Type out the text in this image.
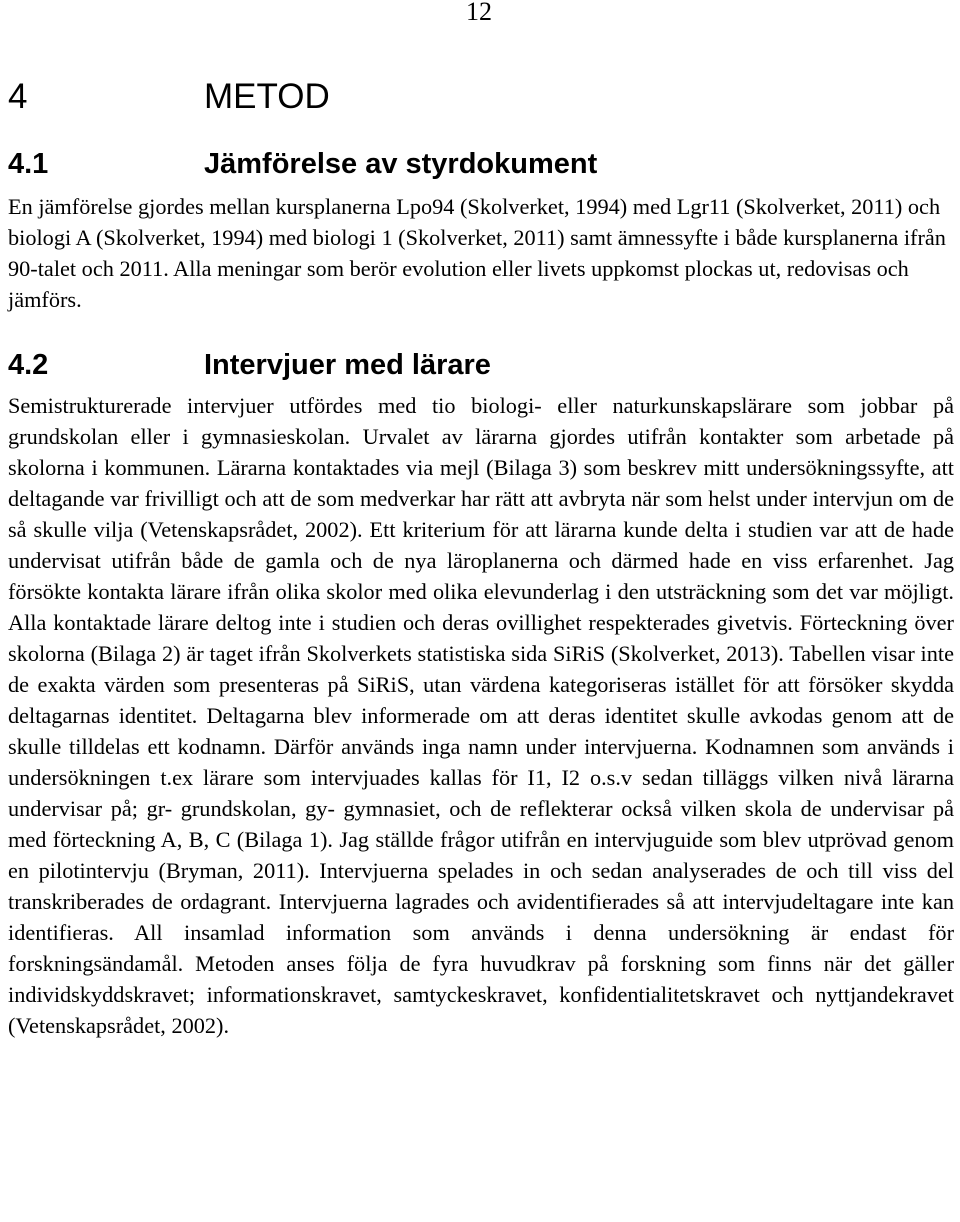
12
4	METOD
4.1	Jämförelse av styrdokument

En jämförelse gjordes mellan kursplanerna Lpo94 (Skolverket, 1994) med Lgr11 (Skolverket, 2011) och biologi A (Skolverket, 1994) med biologi 1 (Skolverket, 2011) samt ämnessyfte i både kursplanerna ifrån 90-talet och 2011. Alla meningar som berör evolution eller livets uppkomst plockas ut, redovisas och jämförs.

4.2	Intervjuer med lärare

Semistrukturerade intervjuer utfördes med tio biologi- eller naturkunskapslärare som jobbar på grundskolan eller i gymnasieskolan. Urvalet av lärarna gjordes utifrån kontakter som arbetade på skolorna i kommunen. Lärarna kontaktades via mejl (Bilaga 3) som beskrev mitt undersökningssyfte, att deltagande var frivilligt och att de som medverkar har rätt att avbryta när som helst under intervjun om de så skulle vilja (Vetenskapsrådet, 2002). Ett kriterium för att lärarna kunde delta i studien var att de hade undervisat utifrån både de gamla och de nya läroplanerna och därmed hade en viss erfarenhet. Jag försökte kontakta lärare ifrån olika skolor med olika elevunderlag i den utsträckning som det var möjligt. Alla kontaktade lärare deltog inte i studien och deras ovillighet respekterades givetvis. Förteckning över skolorna (Bilaga 2) är taget ifrån Skolverkets statistiska sida SiRiS (Skolverket, 2013). Tabellen visar inte de exakta värden som presenteras på SiRiS, utan värdena kategoriseras istället för att försöker skydda deltagarnas identitet. Deltagarna blev informerade om att deras identitet skulle avkodas genom att de skulle tilldelas ett kodnamn. Därför används inga namn under intervjuerna. Kodnamnen som används i undersökningen t.ex lärare som intervjuades kallas för I1, I2 o.s.v sedan tilläggs vilken nivå lärarna undervisar på; gr- grundskolan, gy- gymnasiet, och de reflekterar också vilken skola de undervisar på med förteckning A, B, C (Bilaga 1). Jag ställde frågor utifrån en intervjuguide som blev utprövad genom en pilotintervju (Bryman, 2011). Intervjuerna spelades in och sedan analyserades de och till viss del transkriberades de ordagrant. Intervjuerna lagrades och avidentifierades så att intervjudeltagare inte kan identifieras. All insamlad information som används i denna undersökning är endast för forskningsändamål. Metoden anses följa de fyra huvudkrav på forskning som finns när det gäller individskyddskravet; informationskravet, samtyckeskravet, konfidentialitetskravet och nyttjandekravet (Vetenskapsrådet, 2002).
